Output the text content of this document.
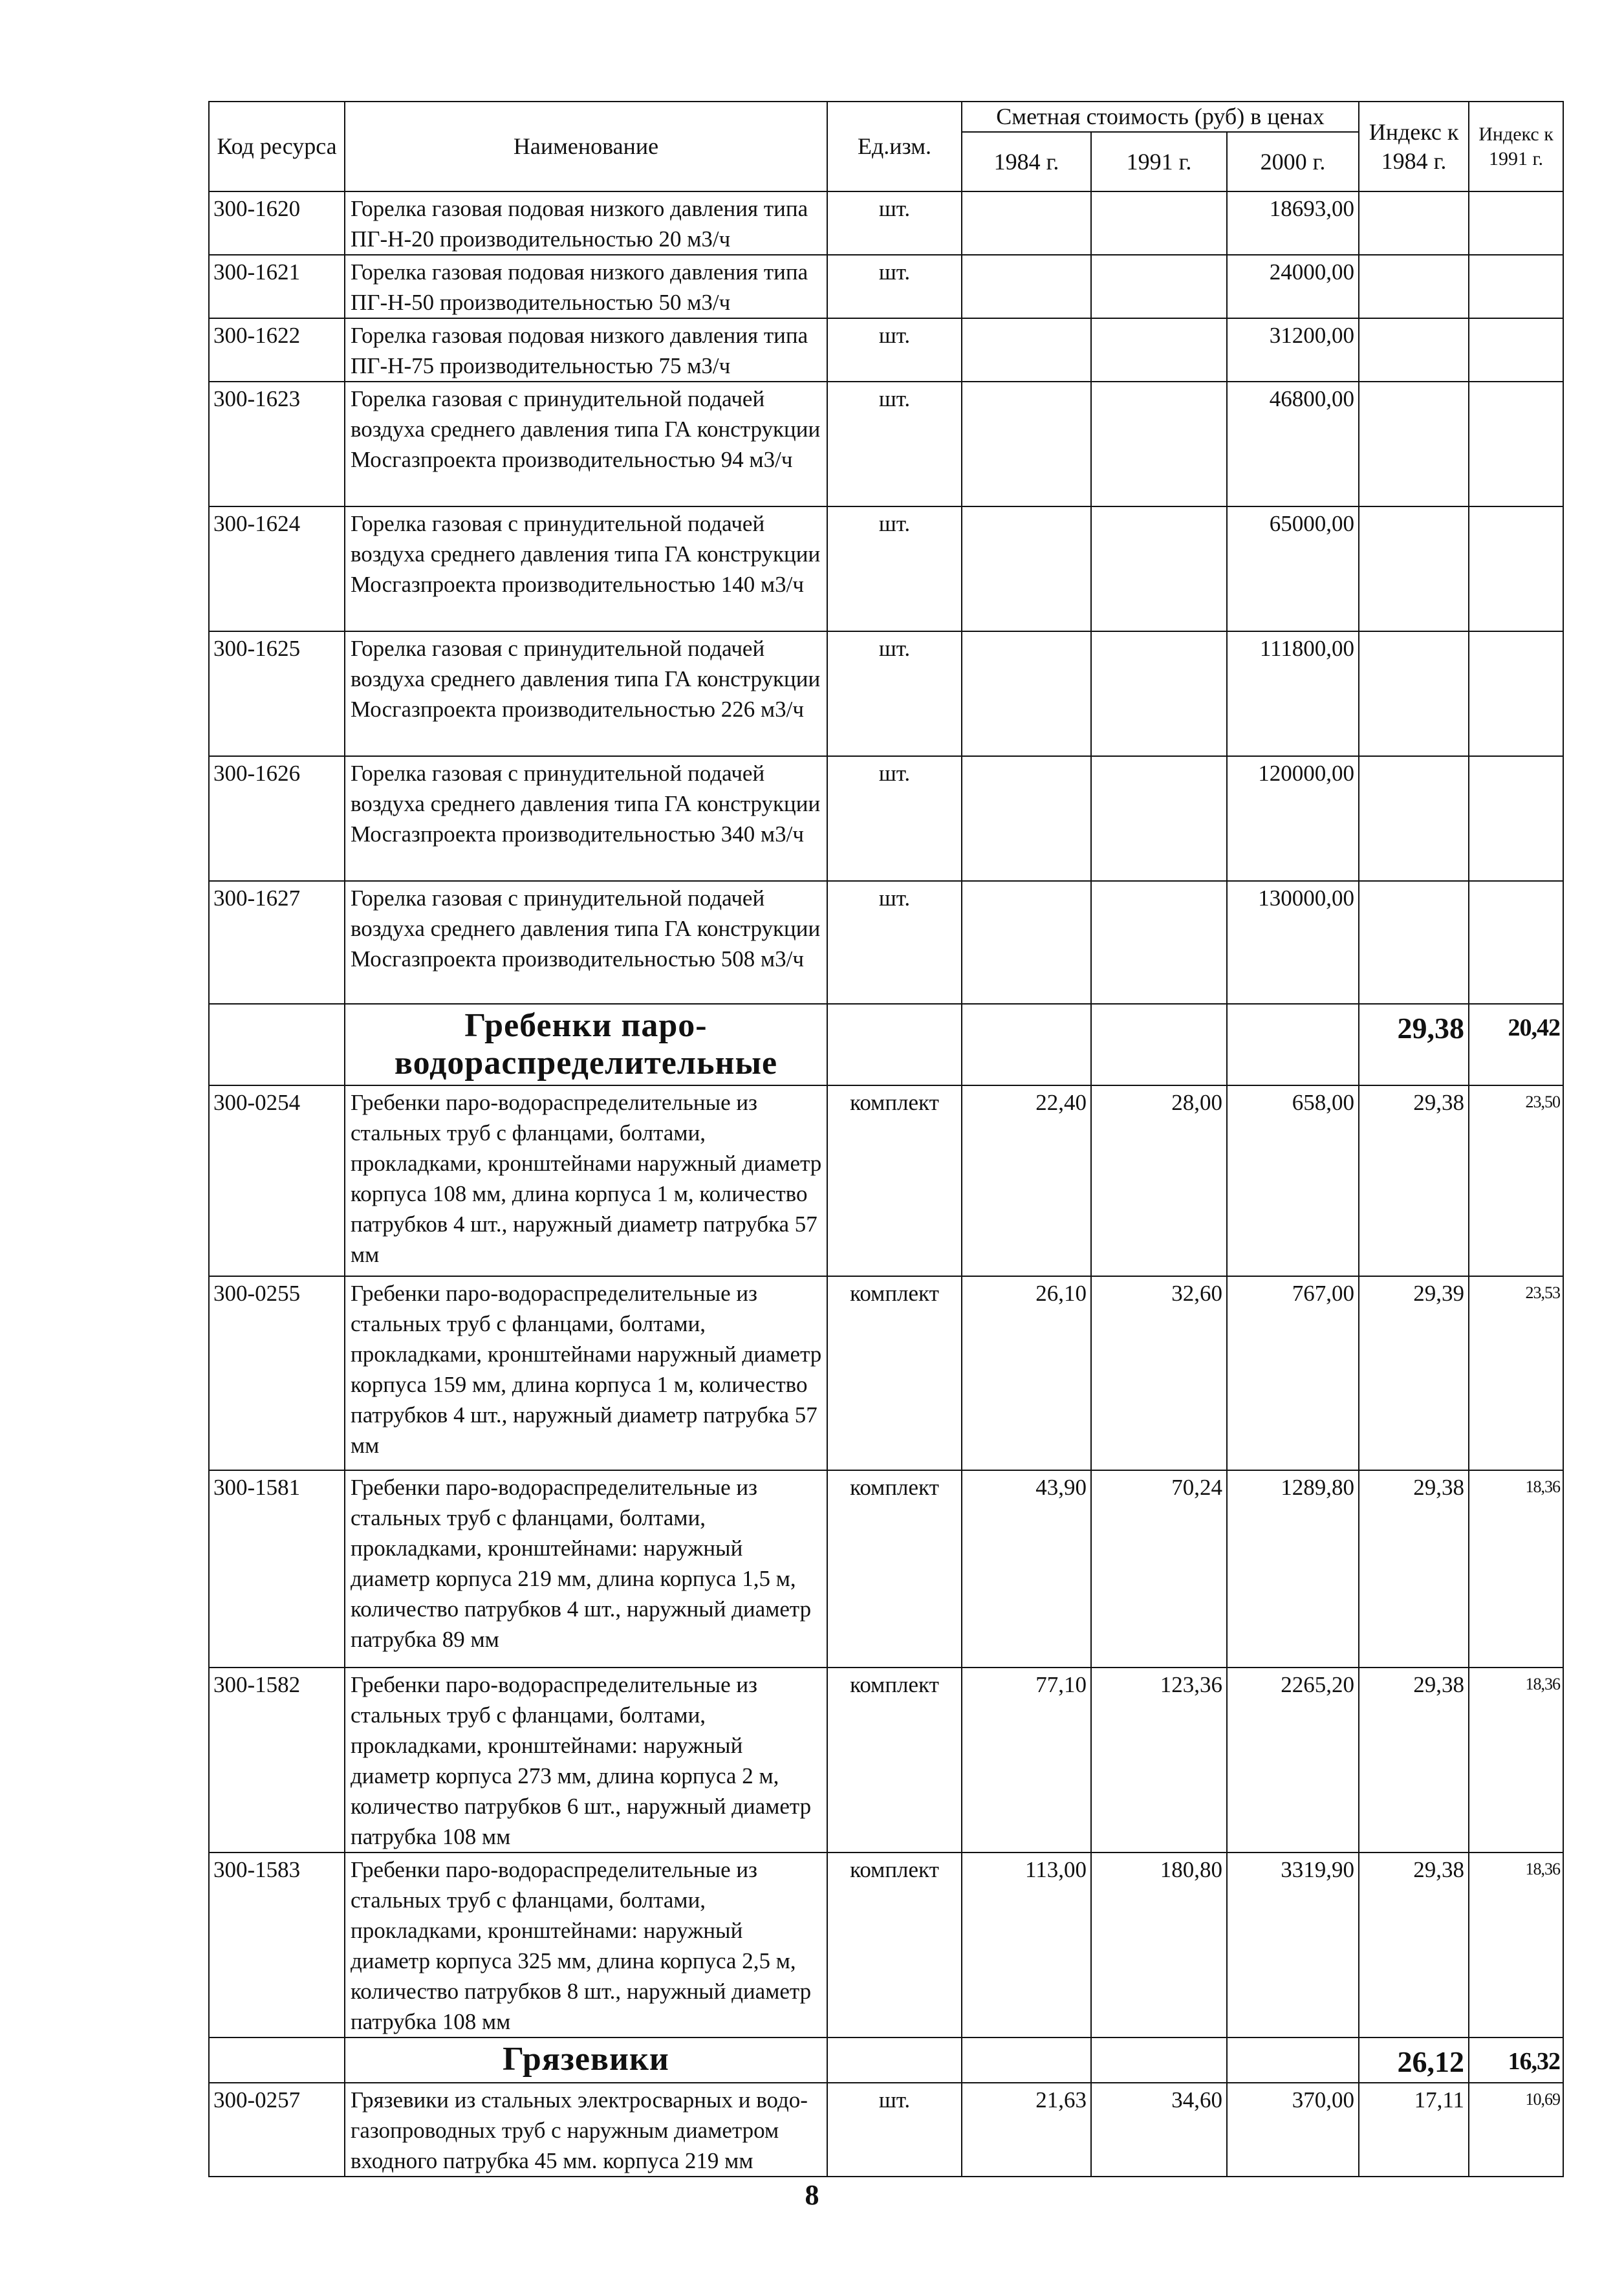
Код ресурса	Наименование	Ед.изм.	Сметная стоимость (руб) в ценах			Индекс к 1984 г.	Индекс к 1991 г.
			1984 г.	1991 г.	2000 г.		
300-1620	Горелка газовая подовая низкого давления типа ПГ-Н-20 производительностью 20 м3/ч	шт.			18693,00		
300-1621	Горелка газовая подовая низкого давления типа ПГ-Н-50 производительностью 50 м3/ч	шт.			24000,00		
300-1622	Горелка газовая подовая низкого давления типа ПГ-Н-75 производительностью 75 м3/ч	шт.			31200,00		
300-1623	Горелка газовая с принудительной подачей воздуха среднего давления типа ГА конструкции Мосгазпроекта производительностью 94 м3/ч	шт.			46800,00		
300-1624	Горелка газовая с принудительной подачей воздуха среднего давления типа ГА конструкции Мосгазпроекта производительностью 140 м3/ч	шт.			65000,00		
300-1625	Горелка газовая с принудительной подачей воздуха среднего давления типа ГА конструкции Мосгазпроекта производительностью 226 м3/ч	шт.			111800,00		
300-1626	Горелка газовая с принудительной подачей воздуха среднего давления типа ГА конструкции Мосгазпроекта производительностью 340 м3/ч	шт.			120000,00		
300-1627	Горелка газовая с принудительной подачей воздуха среднего давления типа ГА конструкции Мосгазпроекта производительностью 508 м3/ч	шт.			130000,00		
	Гребенки паро-водораспределительные					29,38	20,42
300-0254	Гребенки паро-водораспределительные из стальных труб с фланцами, болтами, прокладками, кронштейнами наружный диаметр корпуса 108 мм, длина корпуса 1 м, количество патрубков 4 шт., наружный диаметр патрубка 57 мм	комплект	22,40	28,00	658,00	29,38	23,50
300-0255	Гребенки паро-водораспределительные из стальных труб с фланцами, болтами, прокладками, кронштейнами наружный диаметр корпуса 159 мм, длина корпуса 1 м, количество патрубков 4 шт., наружный диаметр патрубка 57 мм	комплект	26,10	32,60	767,00	29,39	23,53
300-1581	Гребенки паро-водораспределительные из стальных труб с фланцами, болтами, прокладками, кронштейнами: наружный диаметр корпуса 219 мм, длина корпуса 1,5 м, количество патрубков 4 шт., наружный диаметр патрубка 89 мм	комплект	43,90	70,24	1289,80	29,38	18,36
300-1582	Гребенки паро-водораспределительные из стальных труб с фланцами, болтами, прокладками, кронштейнами: наружный диаметр корпуса 273 мм, длина корпуса 2 м, количество патрубков 6 шт., наружный диаметр патрубка 108 мм	комплект	77,10	123,36	2265,20	29,38	18,36
300-1583	Гребенки паро-водораспределительные из стальных труб с фланцами, болтами, прокладками, кронштейнами: наружный диаметр корпуса 325 мм, длина корпуса 2,5 м, количество патрубков 8 шт., наружный диаметр патрубка 108 мм	комплект	113,00	180,80	3319,90	29,38	18,36
	Грязевики					26,12	16,32
300-0257	Грязевики из стальных электросварных и водо-газопроводных труб с наружным диаметром входного патрубка 45 мм. корпуса 219 мм	шт.	21,63	34,60	370,00	17,11	10,69
8
